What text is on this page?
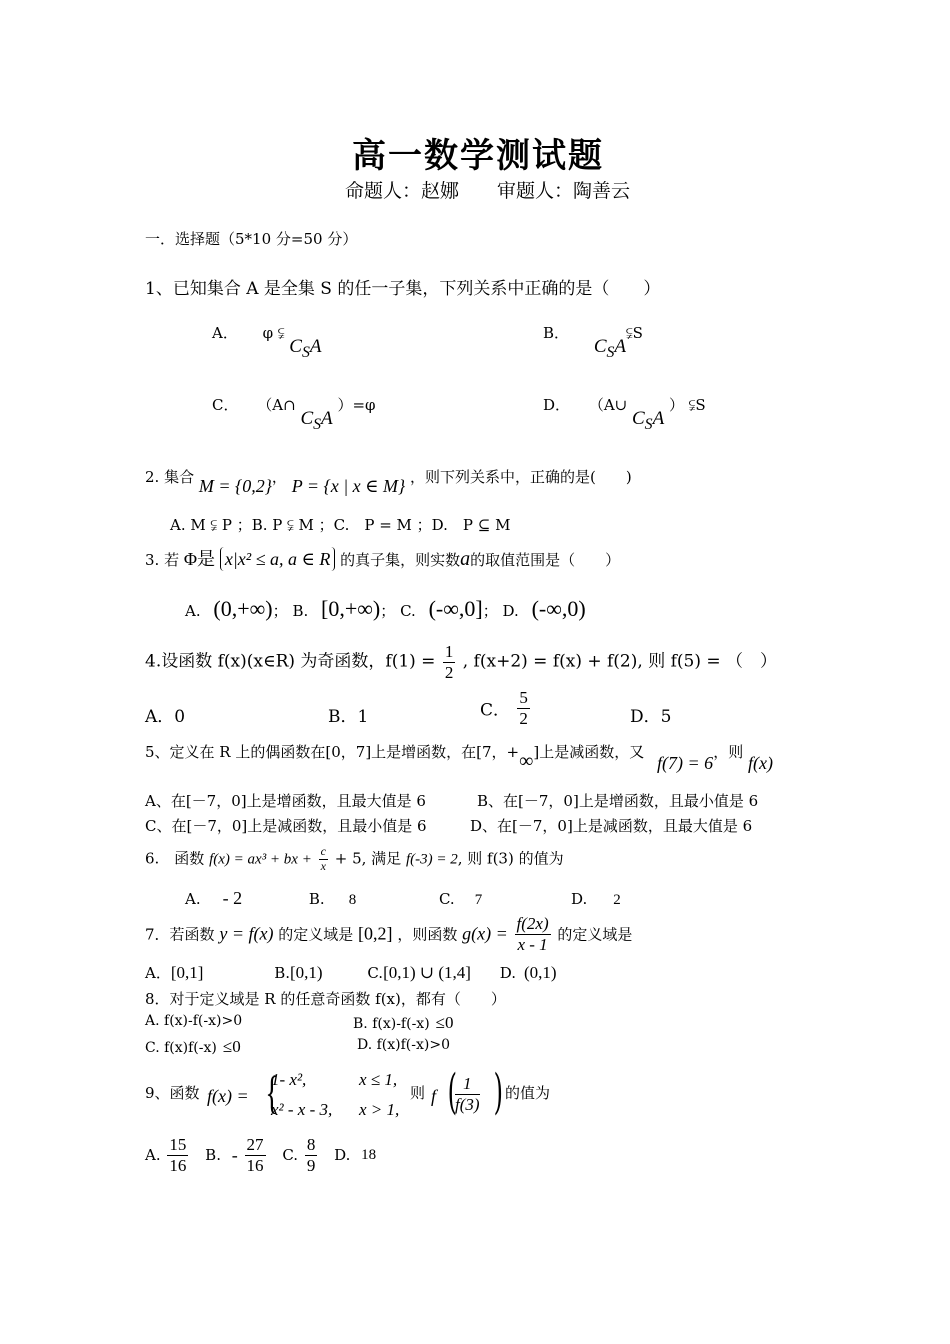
高一数学测试题
命题人：赵娜　　审题人：陶善云
一．选择题（5*10 分=50 分）
1、已知集合 A 是全集 S 的任一子集，下列关系中正确的是（　　）
A． φ ⫋ $C_SA$
B． $C_SA⫋S$
C． （A∩ $C_SA$ ）=φ	D． （A∪ $C_SA$ ） ⫋S
2. 集合 M = {0,2}， P = {x | x ∈ M} ，则下列关系中，正确的是(　　)
A. M ⫋ P ；B. P ⫋ M ；C.　P = M ；D.　P ⊆ M
3. 若 Φ是 x|x² ≤ a, a ∈ R 的真子集，则实数a的取值范围是（　　）
A. (0,+∞)； B. [0,+∞)； C. (-∞,0]； D. (-∞,0)
4.设函数 f(x)(x∈R) 为奇函数，$f(1) = \frac{1}{2}$ , f(x+2) = f(x) + f(2), 则 f(5) = （　）
A．0	B．1	C． $\frac{5}{2}$	D．5
5、定义在 R 上的偶函数在[0，7]上是增函数，在[7，+∞]上是减函数，又 f(7) = 6，则 f(x)
A、在[－7，0]上是增函数，且最大值是 6	B、在[－7，0]上是增函数，且最小值是 6
C、在[－7，0]上是减函数，且最小值是 6	D、在[－7，0]上是减函数，且最大值是 6
6.　函数 f(x) = ax³ + bx + $\frac{c}{x} + 5$, 满足 f(-3) = 2, 则 f(3) 的值为
A. - 2	B. 8	C. 7	D. 2
7．若函数 y = f(x) 的定义域是 [0,2] ，则函数 $g(x) = \frac{f(2x)}{x - 1}$ 的定义域是
A．[0,1]	B.[0,1)	C.[0,1) ∪ (1,4] D. (0,1)
8．对于定义域是 R 的任意奇函数 f(x)，都有（　　）
A. f(x)-f(-x)>0	B. f(x)-f(-x) ≤0
C. f(x)f(-x) ≤0	D. f(x)f(-x)>0
9、函数 f(x) = {
1- x²,	x ≤ 1,
x² - x - 3, x > 1,
则 f (
$\frac{1}{f(3)}$ ) 的值为
A. $\frac{15}{16} B$. - $\frac{27}{16} C$. $\frac{8}{9} D$. 18
